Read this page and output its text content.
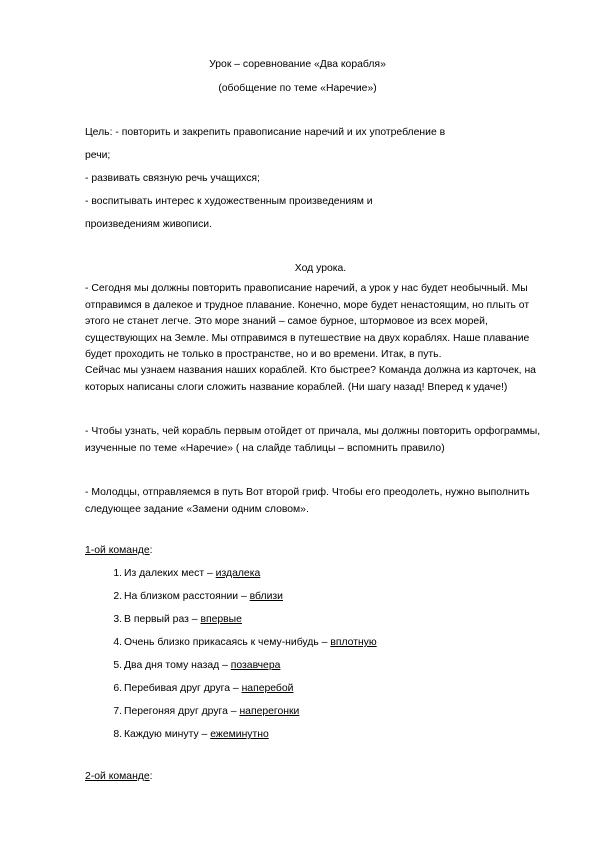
Урок – соревнование «Два корабля»
(обобщение по теме «Наречие»)
Цель: - повторить и закрепить правописание наречий и их употребление в
речи;
- развивать связную речь учащихся;
- воспитывать интерес к художественным произведениям и
произведениям живописи.
Ход урока.
- Сегодня мы должны повторить правописание наречий, а урок у нас будет необычный. Мы
отправимся в далекое и трудное плавание. Конечно, море будет ненастоящим, но плыть от
этого не станет легче. Это море знаний – самое бурное, штормовое из всех морей,
существующих на Земле. Мы отправимся в путешествие на двух кораблях. Наше плавание
будет проходить не только в пространстве, но и во времени. Итак, в путь.
Сейчас мы узнаем названия наших кораблей. Кто быстрее? Команда должна из карточек, на
которых написаны слоги сложить название кораблей. (Ни шагу назад! Вперед к удаче!)
- Чтобы узнать, чей корабль первым отойдет от причала, мы должны повторить орфограммы,
изученные по теме «Наречие» ( на слайде таблицы – вспомнить правило)
- Молодцы, отправляемся в путь Вот второй гриф. Чтобы его преодолеть, нужно выполнить
следующее задание «Замени одним словом».
1-ой команде:
1. Из далеких мест – издалека
2. На близком расстоянии – вблизи
3. В первый раз – впервые
4. Очень близко прикасаясь к чему-нибудь – вплотную
5. Два дня тому назад – позавчера
6. Перебивая друг друга – наперебой
7. Перегоняя друг друга – наперегонки
8. Каждую минуту – ежеминутно
2-ой команде:
